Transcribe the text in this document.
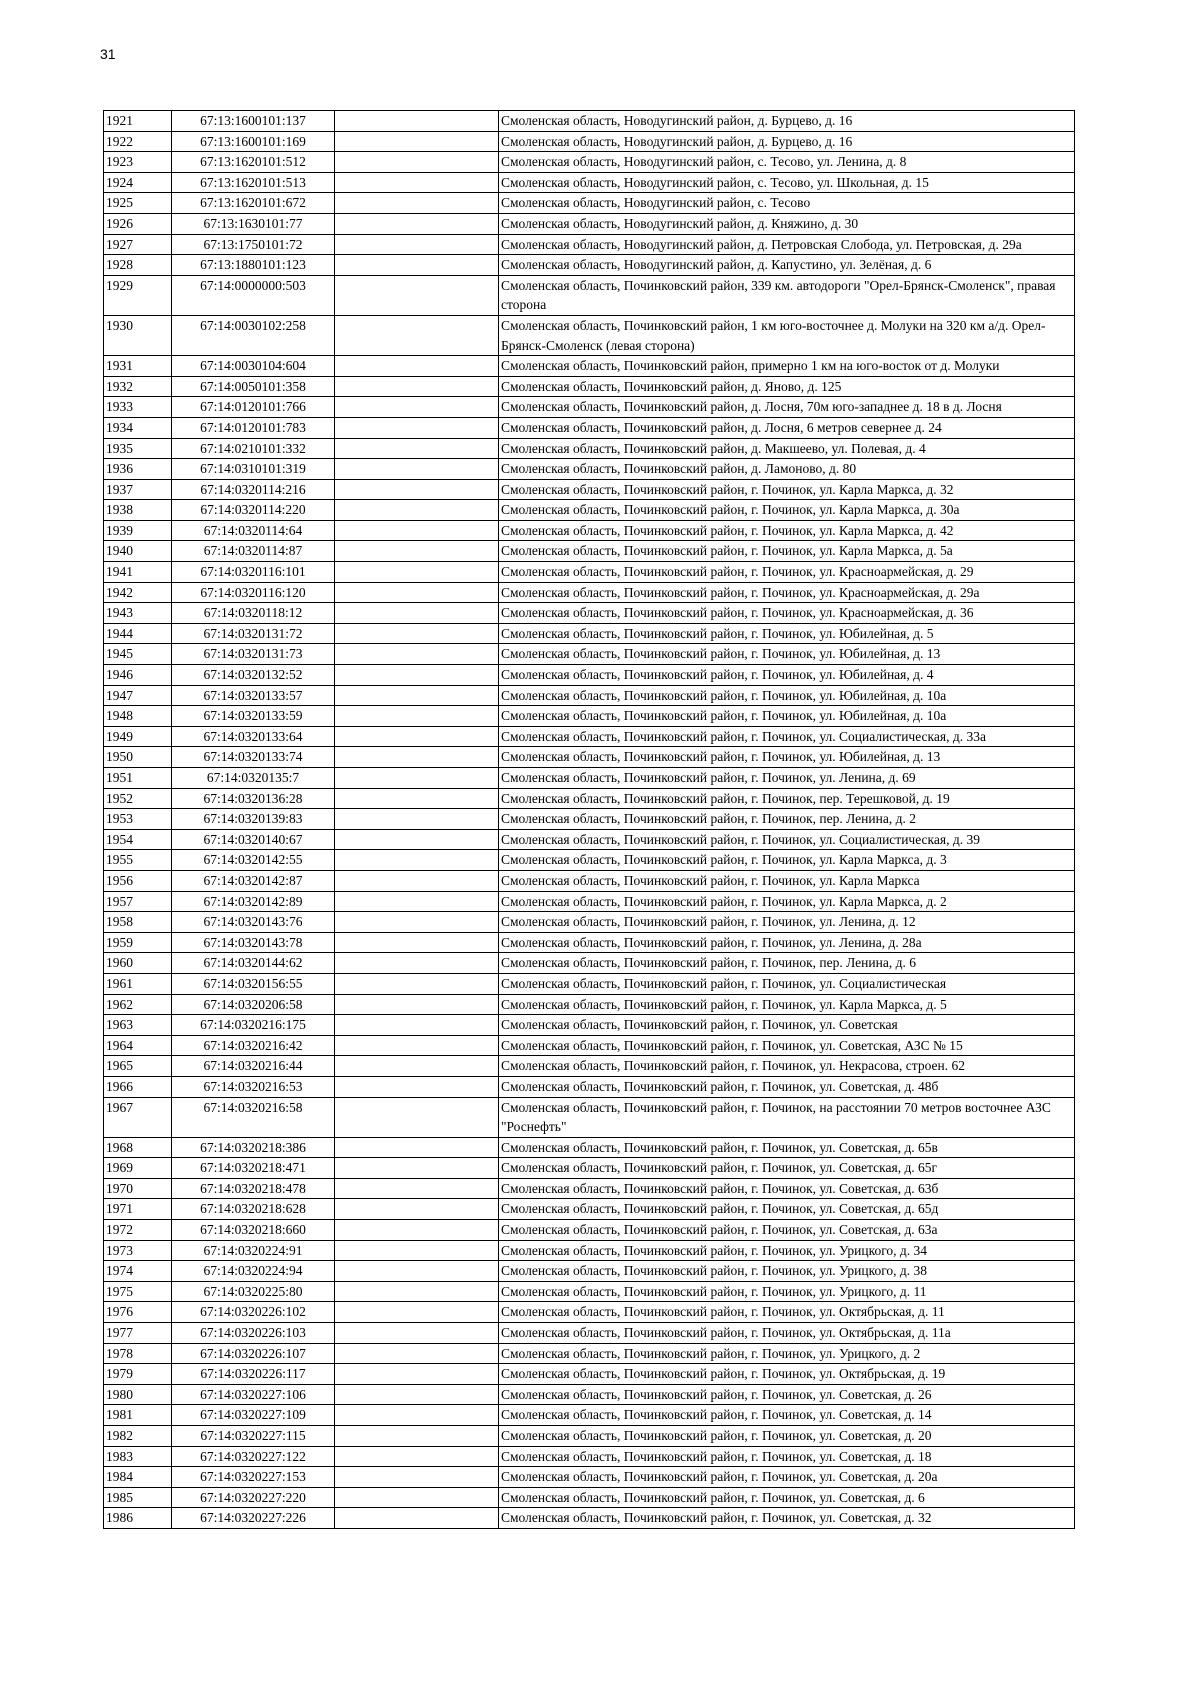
31
1921	67:13:1600101:137		Смоленская область, Новодугинский район, д. Бурцево, д. 16
1922	67:13:1600101:169		Смоленская область, Новодугинский район, д. Бурцево, д. 16
1923	67:13:1620101:512		Смоленская область, Новодугинский район, с. Тесово, ул. Ленина, д. 8
1924	67:13:1620101:513		Смоленская область, Новодугинский район, с. Тесово, ул. Школьная, д. 15
1925	67:13:1620101:672		Смоленская область, Новодугинский район, с. Тесово
1926	67:13:1630101:77		Смоленская область, Новодугинский район, д. Княжино, д. 30
1927	67:13:1750101:72		Смоленская область, Новодугинский район, д. Петровская Слобода, ул. Петровская, д. 29а
1928	67:13:1880101:123		Смоленская область, Новодугинский район, д. Капустино, ул. Зелёная, д. 6
1929	67:14:0000000:503		Смоленская область, Починковский район, 339 км. автодороги "Орел-Брянск-Смоленск", правая сторона
1930	67:14:0030102:258		Смоленская область, Починковский район, 1 км юго-восточнее д. Молуки на 320 км а/д. Орел-Брянск-Смоленск (левая сторона)
1931	67:14:0030104:604		Смоленская область, Починковский район, примерно 1 км на юго-восток от д. Молуки
1932	67:14:0050101:358		Смоленская область, Починковский район, д. Яново, д. 125
1933	67:14:0120101:766		Смоленская область, Починковский район, д. Лосня, 70м юго-западнее д. 18 в д. Лосня
1934	67:14:0120101:783		Смоленская область, Починковский район, д. Лосня, 6 метров севернее д. 24
1935	67:14:0210101:332		Смоленская область, Починковский район, д. Макшеево, ул. Полевая, д. 4
1936	67:14:0310101:319		Смоленская область, Починковский район, д. Ламоново, д. 80
1937	67:14:0320114:216		Смоленская область, Починковский район, г. Починок, ул. Карла Маркса, д. 32
1938	67:14:0320114:220		Смоленская область, Починковский район, г. Починок, ул. Карла Маркса, д. 30а
1939	67:14:0320114:64		Смоленская область, Починковский район, г. Починок, ул. Карла Маркса, д. 42
1940	67:14:0320114:87		Смоленская область, Починковский район, г. Починок, ул. Карла Маркса, д. 5а
1941	67:14:0320116:101		Смоленская область, Починковский район, г. Починок, ул. Красноармейская, д. 29
1942	67:14:0320116:120		Смоленская область, Починковский район, г. Починок, ул. Красноармейская, д. 29а
1943	67:14:0320118:12		Смоленская область, Починковский район, г. Починок, ул. Красноармейская, д. 36
1944	67:14:0320131:72		Смоленская область, Починковский район, г. Починок, ул. Юбилейная, д. 5
1945	67:14:0320131:73		Смоленская область, Починковский район, г. Починок, ул. Юбилейная, д. 13
1946	67:14:0320132:52		Смоленская область, Починковский район, г. Починок, ул. Юбилейная, д. 4
1947	67:14:0320133:57		Смоленская область, Починковский район, г. Починок, ул. Юбилейная, д. 10а
1948	67:14:0320133:59		Смоленская область, Починковский район, г. Починок, ул. Юбилейная, д. 10а
1949	67:14:0320133:64		Смоленская область, Починковский район, г. Починок, ул. Социалистическая, д. 33а
1950	67:14:0320133:74		Смоленская область, Починковский район, г. Починок, ул. Юбилейная, д. 13
1951	67:14:0320135:7		Смоленская область, Починковский район, г. Починок, ул. Ленина, д. 69
1952	67:14:0320136:28		Смоленская область, Починковский район, г. Починок, пер. Терешковой, д. 19
1953	67:14:0320139:83		Смоленская область, Починковский район, г. Починок, пер. Ленина, д. 2
1954	67:14:0320140:67		Смоленская область, Починковский район, г. Починок, ул. Социалистическая, д. 39
1955	67:14:0320142:55		Смоленская область, Починковский район, г. Починок, ул. Карла Маркса, д. 3
1956	67:14:0320142:87		Смоленская область, Починковский район, г. Починок, ул. Карла Маркса
1957	67:14:0320142:89		Смоленская область, Починковский район, г. Починок, ул. Карла Маркса, д. 2
1958	67:14:0320143:76		Смоленская область, Починковский район, г. Починок, ул. Ленина, д. 12
1959	67:14:0320143:78		Смоленская область, Починковский район, г. Починок, ул. Ленина, д. 28а
1960	67:14:0320144:62		Смоленская область, Починковский район, г. Починок, пер. Ленина, д. 6
1961	67:14:0320156:55		Смоленская область, Починковский район, г. Починок, ул. Социалистическая
1962	67:14:0320206:58		Смоленская область, Починковский район, г. Починок, ул. Карла Маркса, д. 5
1963	67:14:0320216:175		Смоленская область, Починковский район, г. Починок, ул. Советская
1964	67:14:0320216:42		Смоленская область, Починковский район, г. Починок, ул. Советская, АЗС № 15
1965	67:14:0320216:44		Смоленская область, Починковский район, г. Починок, ул. Некрасова, строен. 62
1966	67:14:0320216:53		Смоленская область, Починковский район, г. Починок, ул. Советская, д. 48б
1967	67:14:0320216:58		Смоленская область, Починковский район, г. Починок, на расстоянии 70 метров восточнее АЗС "Роснефть"
1968	67:14:0320218:386		Смоленская область, Починковский район, г. Починок, ул. Советская, д. 65в
1969	67:14:0320218:471		Смоленская область, Починковский район, г. Починок, ул. Советская, д. 65г
1970	67:14:0320218:478		Смоленская область, Починковский район, г. Починок, ул. Советская, д. 63б
1971	67:14:0320218:628		Смоленская область, Починковский район, г. Починок, ул. Советская, д. 65д
1972	67:14:0320218:660		Смоленская область, Починковский район, г. Починок, ул. Советская, д. 63а
1973	67:14:0320224:91		Смоленская область, Починковский район, г. Починок, ул. Урицкого, д. 34
1974	67:14:0320224:94		Смоленская область, Починковский район, г. Починок, ул. Урицкого, д. 38
1975	67:14:0320225:80		Смоленская область, Починковский район, г. Починок, ул. Урицкого, д. 11
1976	67:14:0320226:102		Смоленская область, Починковский район, г. Починок, ул. Октябрьская, д. 11
1977	67:14:0320226:103		Смоленская область, Починковский район, г. Починок, ул. Октябрьская, д. 11а
1978	67:14:0320226:107		Смоленская область, Починковский район, г. Починок, ул. Урицкого, д. 2
1979	67:14:0320226:117		Смоленская область, Починковский район, г. Починок, ул. Октябрьская, д. 19
1980	67:14:0320227:106		Смоленская область, Починковский район, г. Починок, ул. Советская, д. 26
1981	67:14:0320227:109		Смоленская область, Починковский район, г. Починок, ул. Советская, д. 14
1982	67:14:0320227:115		Смоленская область, Починковский район, г. Починок, ул. Советская, д. 20
1983	67:14:0320227:122		Смоленская область, Починковский район, г. Починок, ул. Советская, д. 18
1984	67:14:0320227:153		Смоленская область, Починковский район, г. Починок, ул. Советская, д. 20а
1985	67:14:0320227:220		Смоленская область, Починковский район, г. Починок, ул. Советская, д. 6
1986	67:14:0320227:226		Смоленская область, Починковский район, г. Починок, ул. Советская, д. 32
